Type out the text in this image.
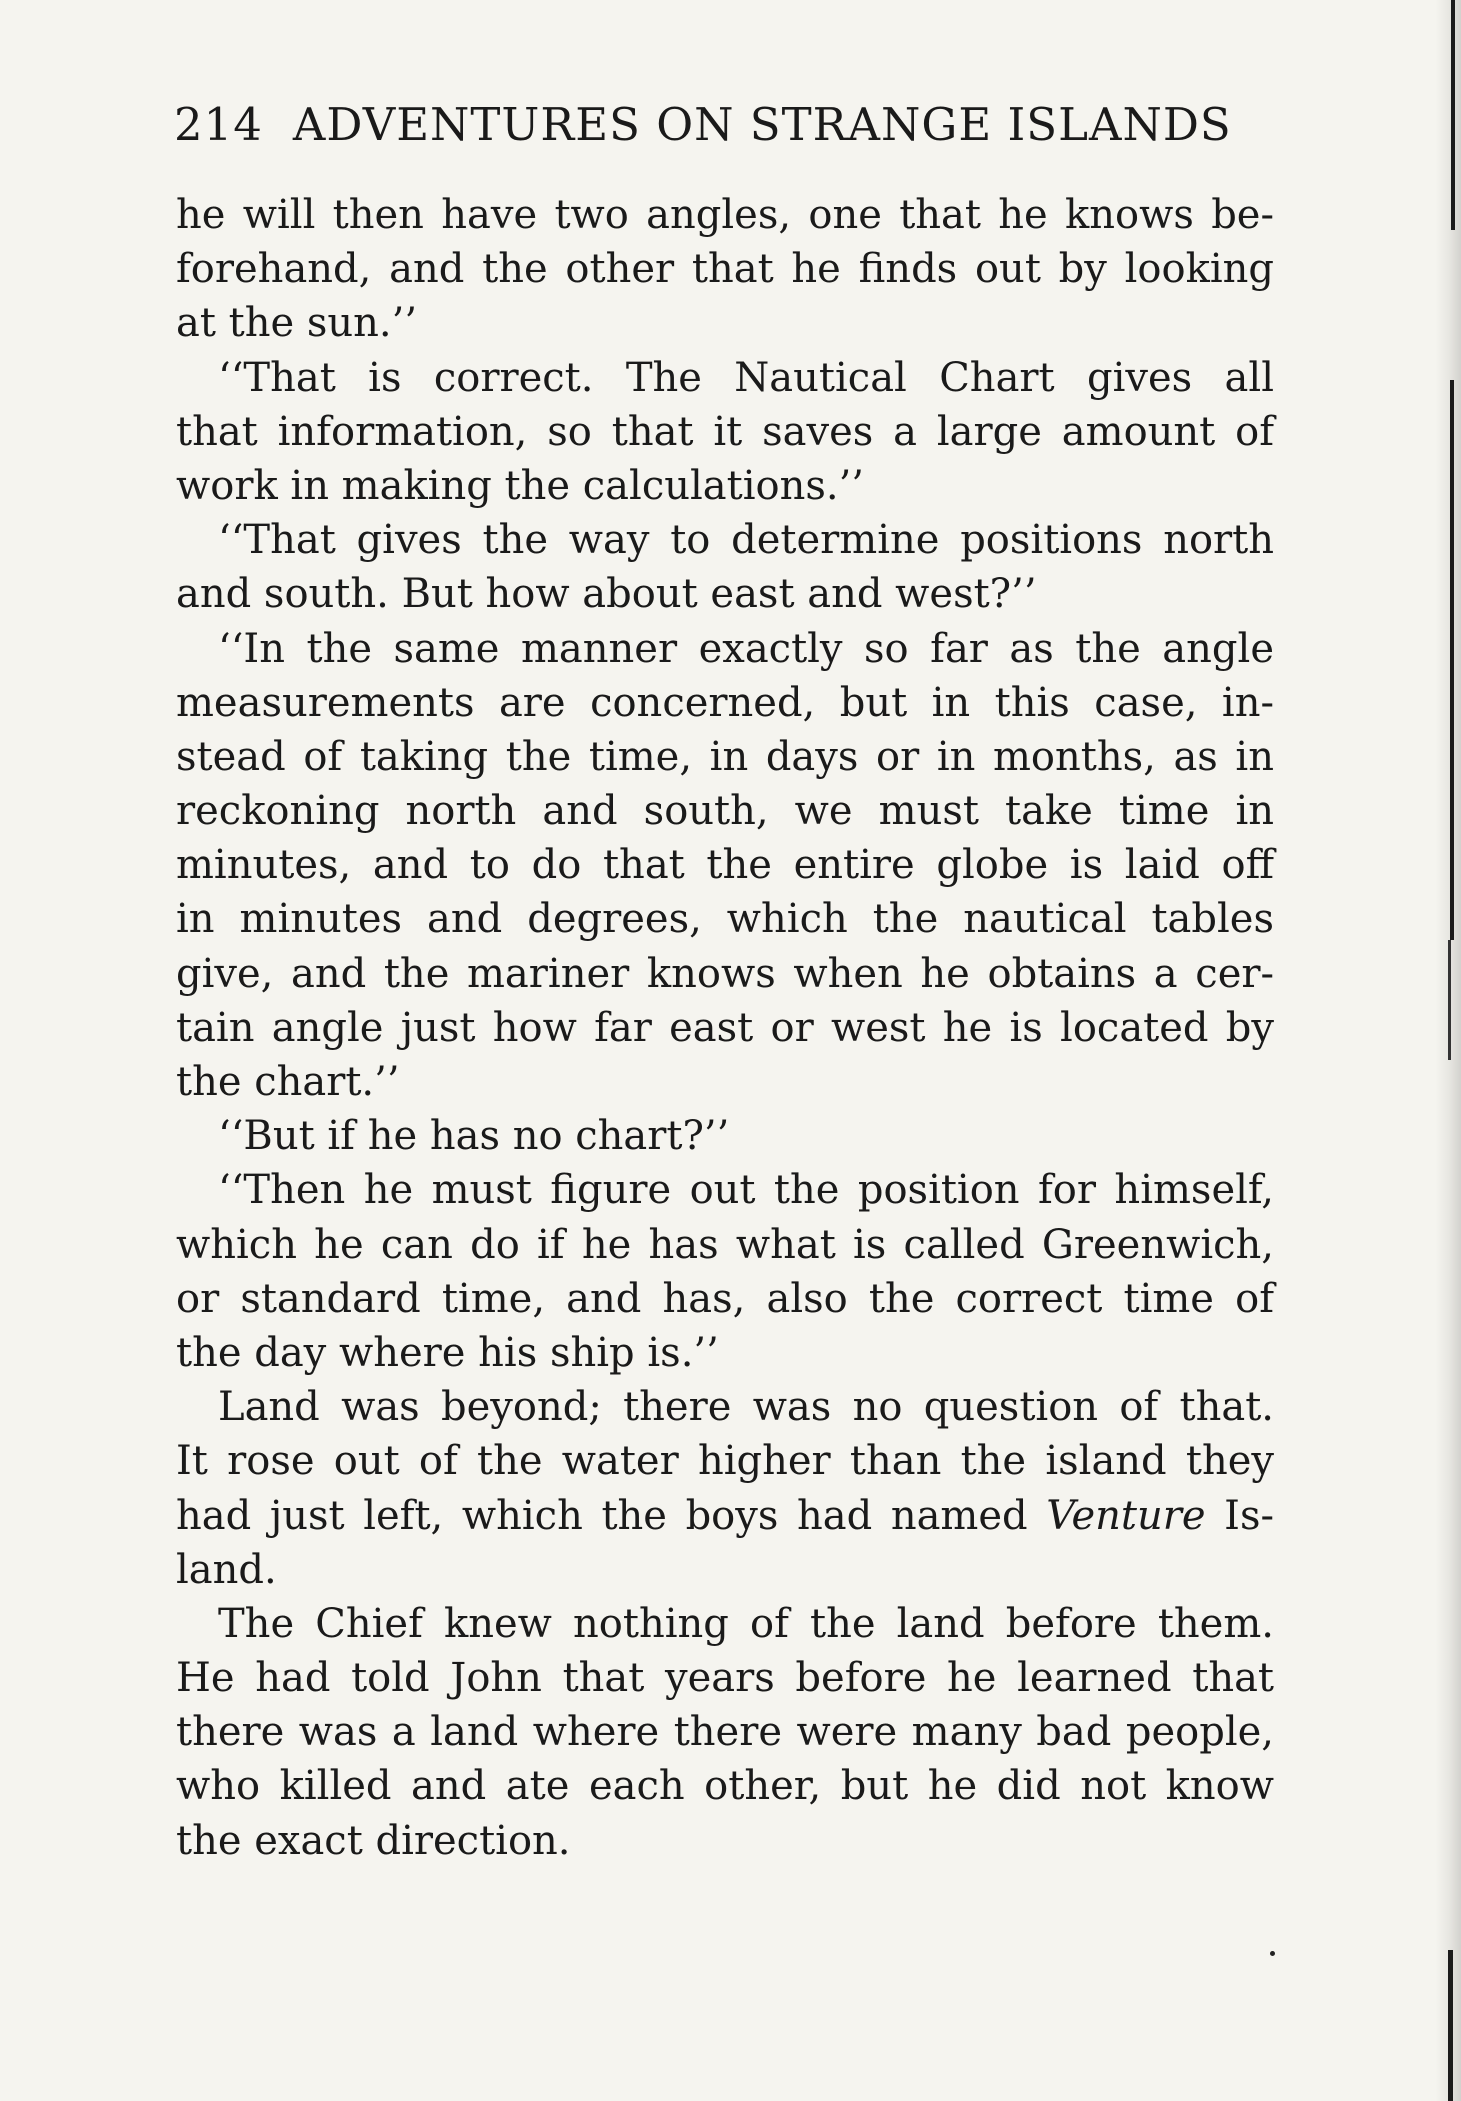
214 ADVENTURES ON STRANGE ISLANDS
he will then have two angles, one that he knows be-
forehand, and the other that he finds out by looking
at the sun.’’
‘‘That is correct. The Nautical Chart gives all
that information, so that it saves a large amount of
work in making the calculations.’’
‘‘That gives the way to determine positions north
and south. But how about east and west?’’
‘‘In the same manner exactly so far as the angle
measurements are concerned, but in this case, in-
stead of taking the time, in days or in months, as in
reckoning north and south, we must take time in
minutes, and to do that the entire globe is laid off
in minutes and degrees, which the nautical tables
give, and the mariner knows when he obtains a cer-
tain angle just how far east or west he is located by
the chart.’’
‘‘But if he has no chart?’’
‘‘Then he must figure out the position for himself,
which he can do if he has what is called Greenwich,
or standard time, and has, also the correct time of
the day where his ship is.’’
Land was beyond; there was no question of that.
It rose out of the water higher than the island they
had just left, which the boys had named Venture Is-
land.
The Chief knew nothing of the land before them.
He had told John that years before he learned that
there was a land where there were many bad people,
who killed and ate each other, but he did not know
the exact direction.
